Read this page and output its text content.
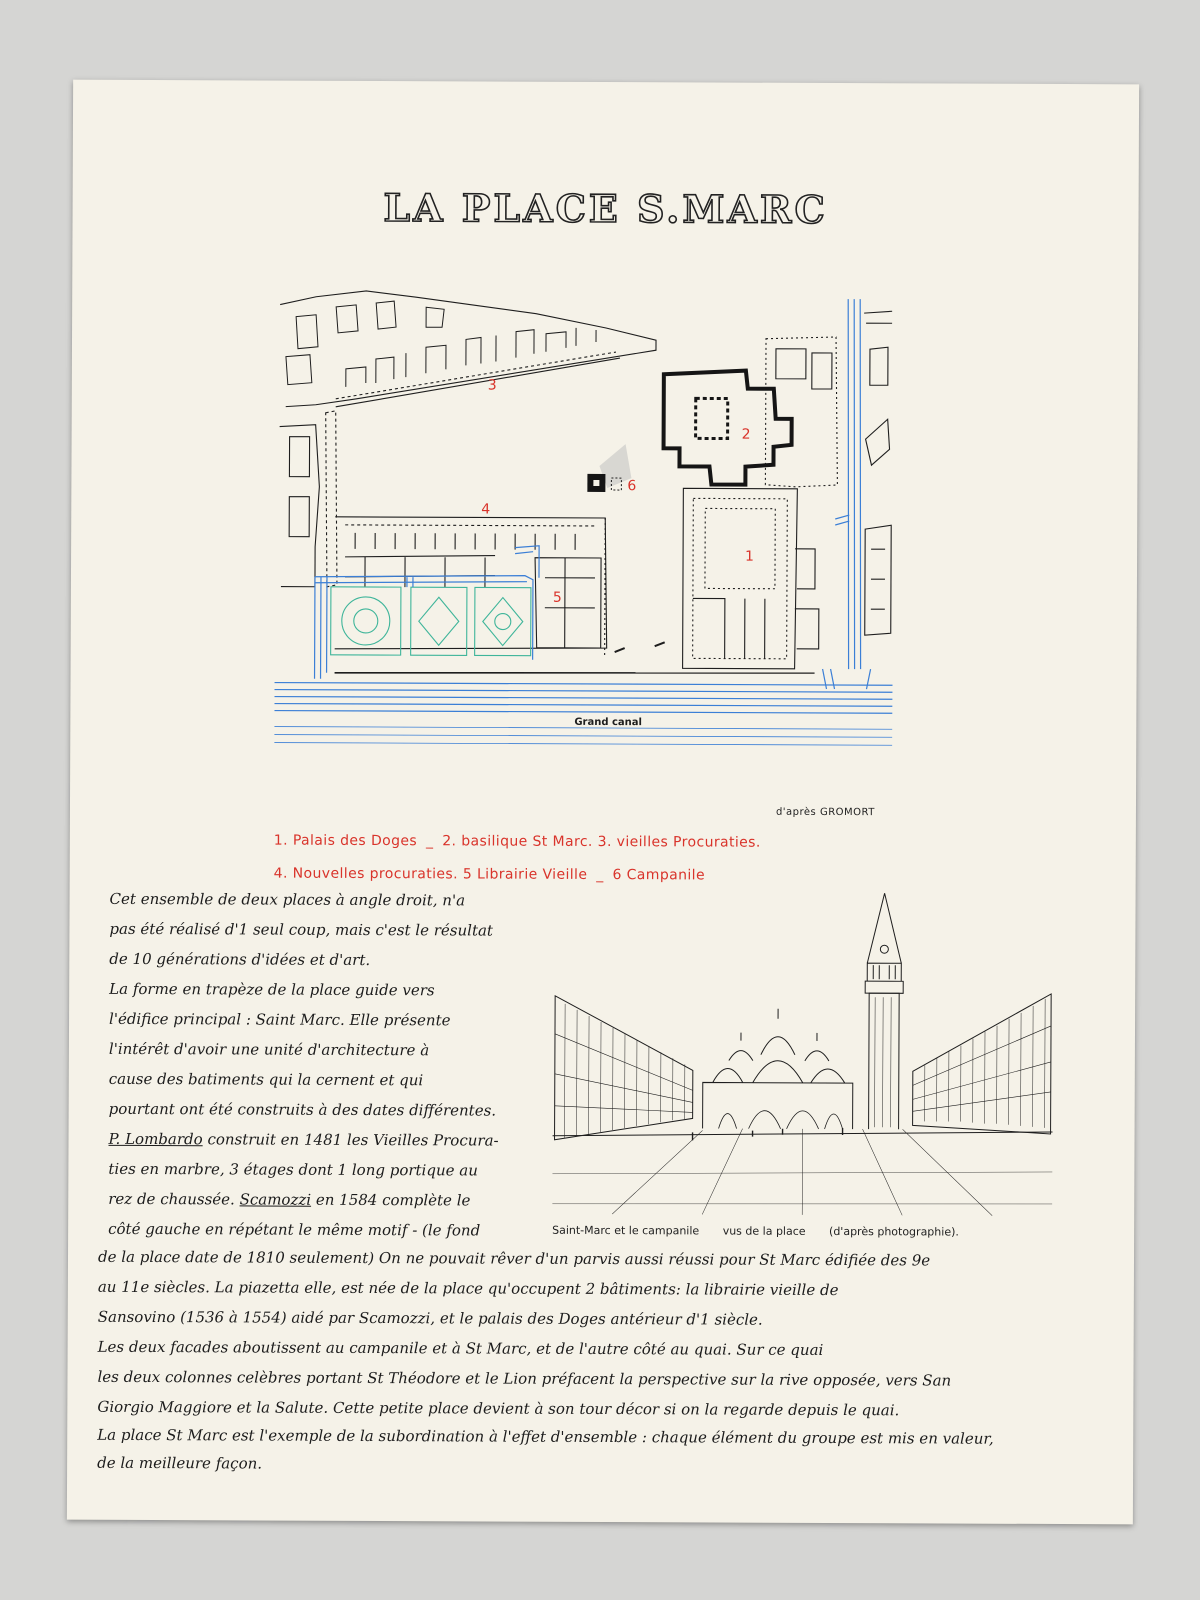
LA PLACE S.MARC
3
2
6
4
1
5
Grand canal
d'après GROMORT
1. Palais des Doges _ 2. basilique St Marc. 3. vieilles Procuraties.
4. Nouvelles procuraties. 5 Librairie Vieille _ 6 Campanile
Cet ensemble de deux places à angle droit, n'a
pas été réalisé d'1 seul coup, mais c'est le résultat
de 10 générations d'idées et d'art.
La forme en trapèze de la place guide vers
l'édifice principal : Saint Marc. Elle présente
l'intérêt d'avoir une unité d'architecture à
cause des batiments qui la cernent et qui
pourtant ont été construits à des dates différentes.
P. Lombardo construit en 1481 les Vieilles Procura-
ties en marbre, 3 étages dont 1 long portique au
rez de chaussée. Scamozzi en 1584 complète le
côté gauche en répétant le même motif - (le fond	Saint-Marc et le campanile vus de la place (d'après photographie).
de la place date de 1810 seulement) On ne pouvait rêver d'un parvis aussi réussi pour St Marc édifiée des 9e
au 11e siècles. La piazetta elle, est née de la place qu'occupent 2 bâtiments: la librairie vieille de
Sansovino (1536 à 1554) aidé par Scamozzi, et le palais des Doges antérieur d'1 siècle.
Les deux facades aboutissent au campanile et à St Marc, et de l'autre côté au quai. Sur ce quai
les deux colonnes celèbres portant St Théodore et le Lion préfacent la perspective sur la rive opposée, vers San
Giorgio Maggiore et la Salute. Cette petite place devient à son tour décor si on la regarde depuis le quai.
La place St Marc est l'exemple de la subordination à l'effet d'ensemble : chaque élément du groupe est mis en valeur,
de la meilleure façon.
